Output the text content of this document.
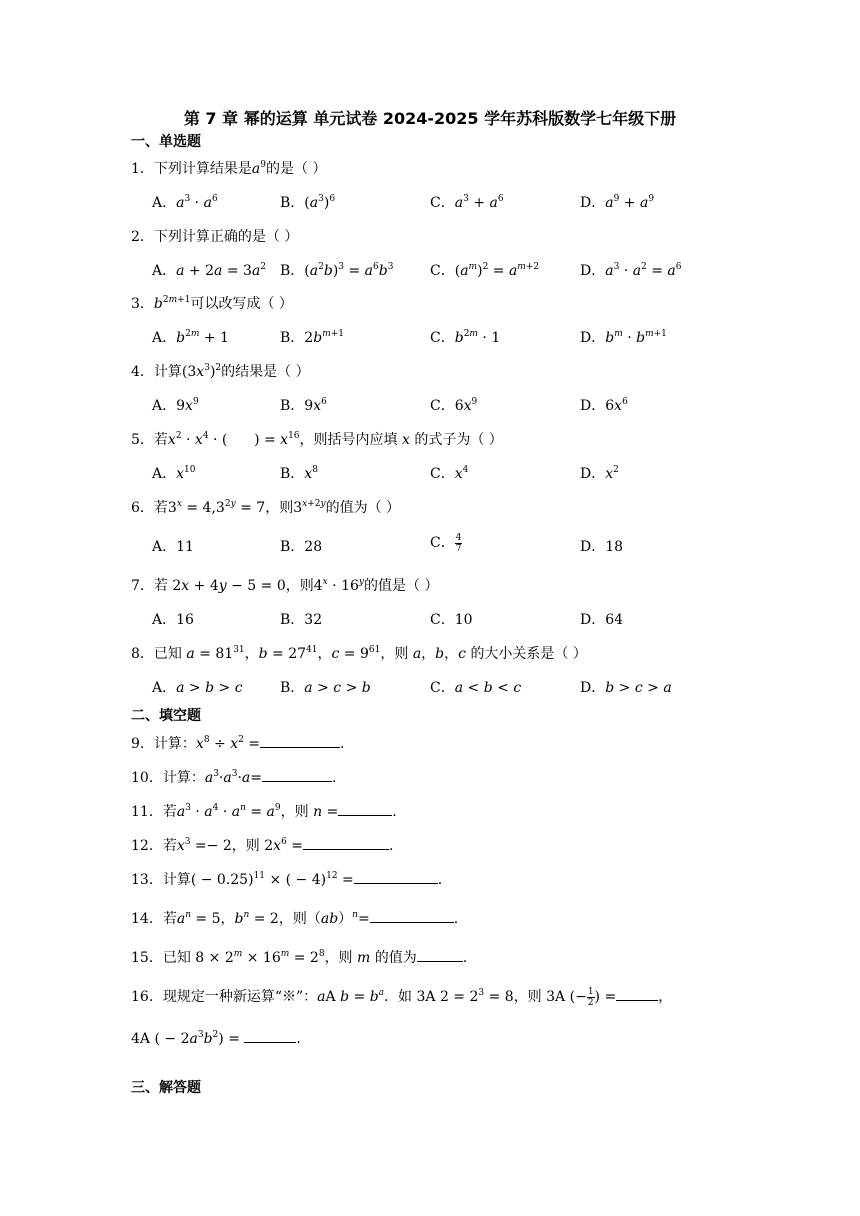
第 7 章 幂的运算 单元试卷 2024-2025 学年苏科版数学七年级下册
一、单选题
1．下列计算结果是$a^9$的是（ ）
A．$a^3 \cdot a^6$	B．$(a^3)^6$	C．$a^3 + a^6$	D．$a^9 + a^9$
2．下列计算正确的是（ ）
A．$a + 2a = 3a^2$ B．$(a^2b)^3 = a^6b^3$	C．$(a^m)^2 = a^{m+2}$	D．$a^3 \cdot a^2 = a^6$
3．$b^{2m+1}$可以改写成（ ）
A．$b^{2m} + 1$	B．$2b^{m+1}$	C．$b^{2m} \cdot 1$	D．$b^m \cdot b^{m+1}$
4．计算$(3x^3)^2$的结果是（ ）
A．$9x^9$	B．$9x^6$	C．$6x^9$	D．$6x^6$
5．若$x^2 \cdot x^4$ · (      ) = $x^{16}$，则括号内应填 x 的式子为（ ）
A．$x^{10}$	B．$x^8$	C．$x^4$	D．$x^2$
6．若$3^x = 4,3^{2y} = 7$，则$3^{x+2y}$的值为（ ）
A．11	B．28	C． $\frac{4}{7}$	D．18
7．若 2x + 4y − 5 = 0，则$4^x \cdot 16^y$的值是（ ）
A．16	B．32	C．10	D．64
8．已知 $a = 81^{31}$，$b = 27^{41}$，$c = 9^{61}$，则 a，b，c 的大小关系是（ ）
A．a > b > c	B．a > c > b	C．a < b < c	D．b > c > a
二、填空题
9．计算：$x^8 \div x^2$ =	.
10．计算：$a^3\cdot a^3\cdot a=$	.
11．若$a^3 \cdot a^4 \cdot a^n = a^9$，则 n =	.
12．若$x^3 =- 2$，则 $2x^6$ =	.
13．计算( − 0.25)$^{11}$ × ( − 4)$^{12}$ =	.
14．若$a^n = 5$，$b^n = 2$，则（ab）$^n$=	.
15．已知 $8 \times 2^m \times 16^m = 2^8$，则 m 的值为	.
16．现规定一种新运算“※”：aA $b = b^a$．如 3A $2 = 2^3 = 8$，则 3A (− $\frac{1}{2}$ ) =	，
4A ( − $2a^3b^2$) =	.
三、解答题
